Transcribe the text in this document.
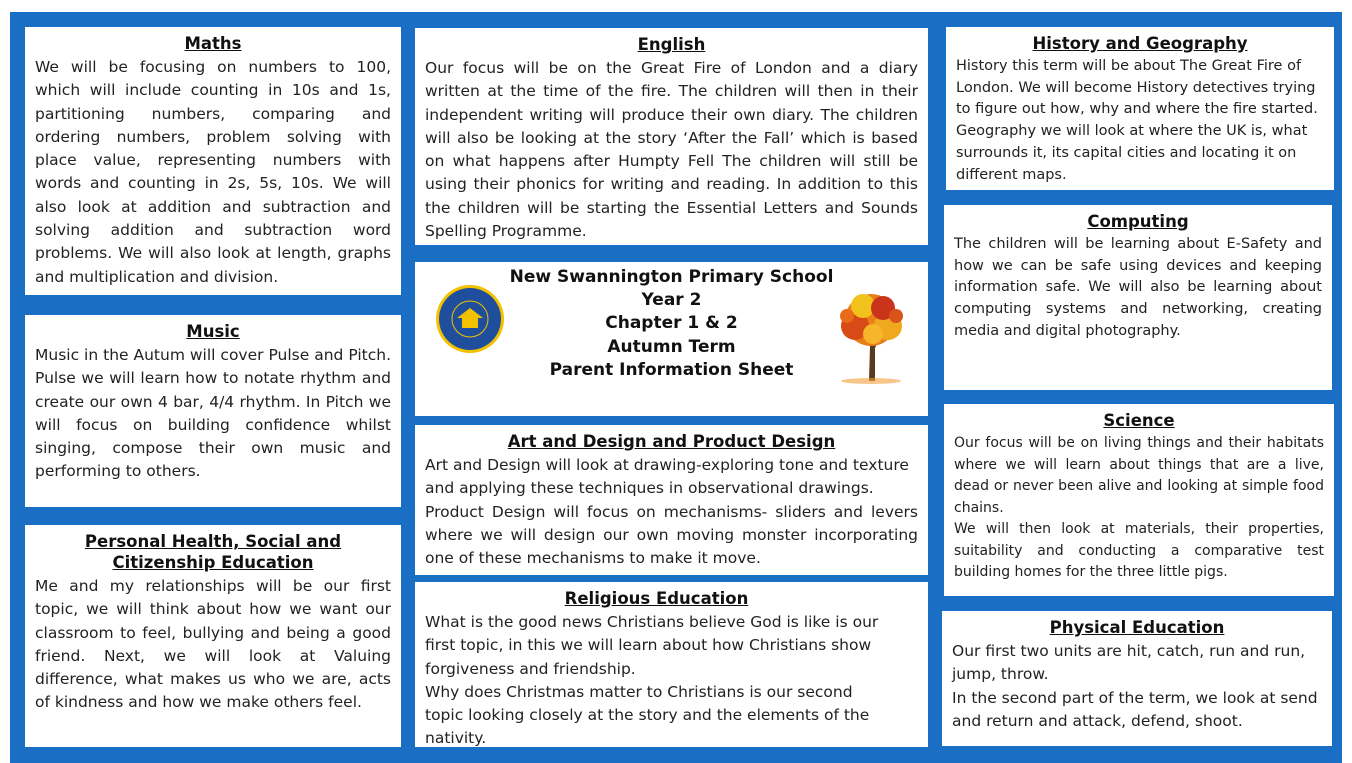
Maths

We will be focusing on numbers to 100, which will include counting in 10s and 1s, partitioning numbers, comparing and ordering numbers, problem solving with place value, representing numbers with words and counting in 2s, 5s, 10s. We will also look at addition and subtraction and solving addition and subtraction word problems. We will also look at length, graphs and multiplication and division.

Music

Music in the Autum will cover Pulse and Pitch. Pulse we will learn how to notate rhythm and create our own 4 bar, 4/4 rhythm. In Pitch we will focus on building confidence whilst singing, compose their own music and performing to others.

Personal Health, Social and Citizenship Education

Me and my relationships will be our first topic, we will think about how we want our classroom to feel, bullying and being a good friend. Next, we will look at Valuing difference, what makes us who we are, acts of kindness and how we make others feel.

English

Our focus will be on the Great Fire of London and a diary written at the time of the fire. The children will then in their independent writing will produce their own diary. The children will also be looking at the story ‘After the Fall’ which is based on what happens after Humpty Fell The children will still be using their phonics for writing and reading. In addition to this the children will be starting the Essential Letters and Sounds Spelling Programme.

New Swannington Primary School
Year 2
Chapter 1 & 2
Autumn Term
Parent Information Sheet
Art and Design and Product Design

Art and Design will look at drawing-exploring tone and texture and applying these techniques in observational drawings.

Product Design will focus on mechanisms- sliders and levers where we will design our own moving monster incorporating one of these mechanisms to make it move.

Religious Education

What is the good news Christians believe God is like is our first topic, in this we will learn about how Christians show forgiveness and friendship.

Why does Christmas matter to Christians is our second topic looking closely at the story and the elements of the nativity.

History and Geography

History this term will be about The Great Fire of London. We will become History detectives trying to figure out how, why and where the fire started. Geography we will look at where the UK is, what surrounds it, its capital cities and locating it on different maps.

Computing

The children will be learning about E-Safety and how we can be safe using devices and keeping information safe. We will also be learning about computing systems and networking, creating media and digital photography.

Science

Our focus will be on living things and their habitats where we will learn about things that are a live, dead or never been alive and looking at simple food chains.

We will then look at materials, their properties, suitability and conducting a comparative test building homes for the three little pigs.

Physical Education

Our first two units are hit, catch, run and run, jump, throw.

In the second part of the term, we look at send and return and attack, defend, shoot.
